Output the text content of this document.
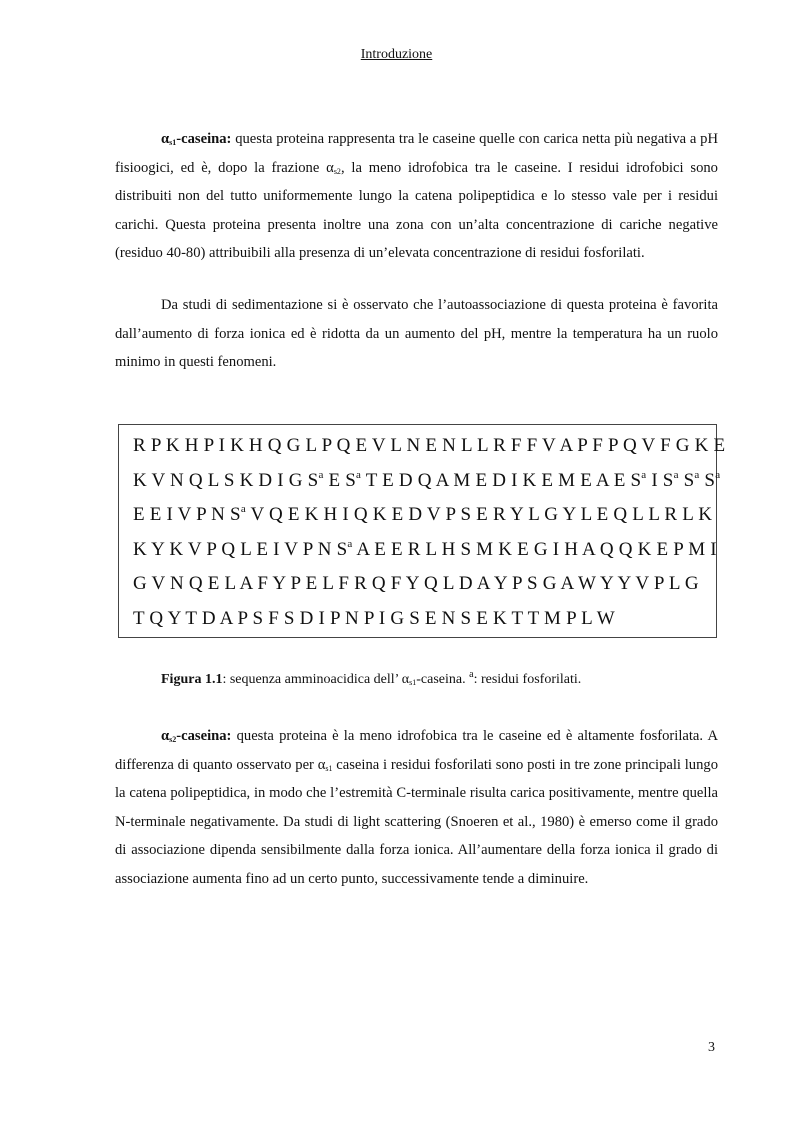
Introduzione

$\alpha_{s1}$-caseina: questa proteina rappresenta tra le caseine quelle con carica netta più negativa a pH fisioogici, ed è, dopo la frazione $\alpha_{s2}$, la meno idrofobica tra le caseine. I residui idrofobici sono distribuiti non del tutto uniformemente lungo la catena polipeptidica e lo stesso vale per i residui carichi. Questa proteina presenta inoltre una zona con un’alta concentrazione di cariche negative (residuo 40-80) attribuibili alla presenza di un’elevata concentrazione di residui fosforilati.

Da studi di sedimentazione si è osservato che l’autoassociazione di questa proteina è favorita dall’aumento di forza ionica ed è ridotta da un aumento del pH, mentre la temperatura ha un ruolo minimo in questi fenomeni.

R P K H P I K H Q G L P Q E V L N E N L L R F F V A P F P Q V F G K E
K V N Q L S K D I G $S^a$ E $S^a$ T E D Q A M E D I K E M E A E $S^a$ I $S^a$ $S^a$ $S^a$
E E I V P N $S^a$ V Q E K H I Q K E D V P S E R Y L G Y L E Q L L R L K
K Y K V P Q L E I V P N $S^a$ A E E R L H S M K E G I H A Q Q K E P M I
G V N Q E L A F Y P E L F R Q F Y Q L D A Y P S G A W Y Y V P L G
T Q Y T D A P S F S D I P N P I G S E N S E K T T M P L W
Figura 1.1: sequenza amminoacidica dell’ $\alpha_{s1}$-caseina. $^a$: residui fosforilati.

$\alpha_{s2}$-caseina: questa proteina è la meno idrofobica tra le caseine ed è altamente fosforilata. A differenza di quanto osservato per $\alpha_{s1}$ caseina i residui fosforilati sono posti in tre zone principali lungo la catena polipeptidica, in modo che l’estremità C-terminale risulta carica positivamente, mentre quella N-terminale negativamente. Da studi di light scattering (Snoeren et al., 1980) è emerso come il grado di associazione dipenda sensibilmente dalla forza ionica. All’aumentare della forza ionica il grado di associazione aumenta fino ad un certo punto, successivamente tende a diminuire.

3
